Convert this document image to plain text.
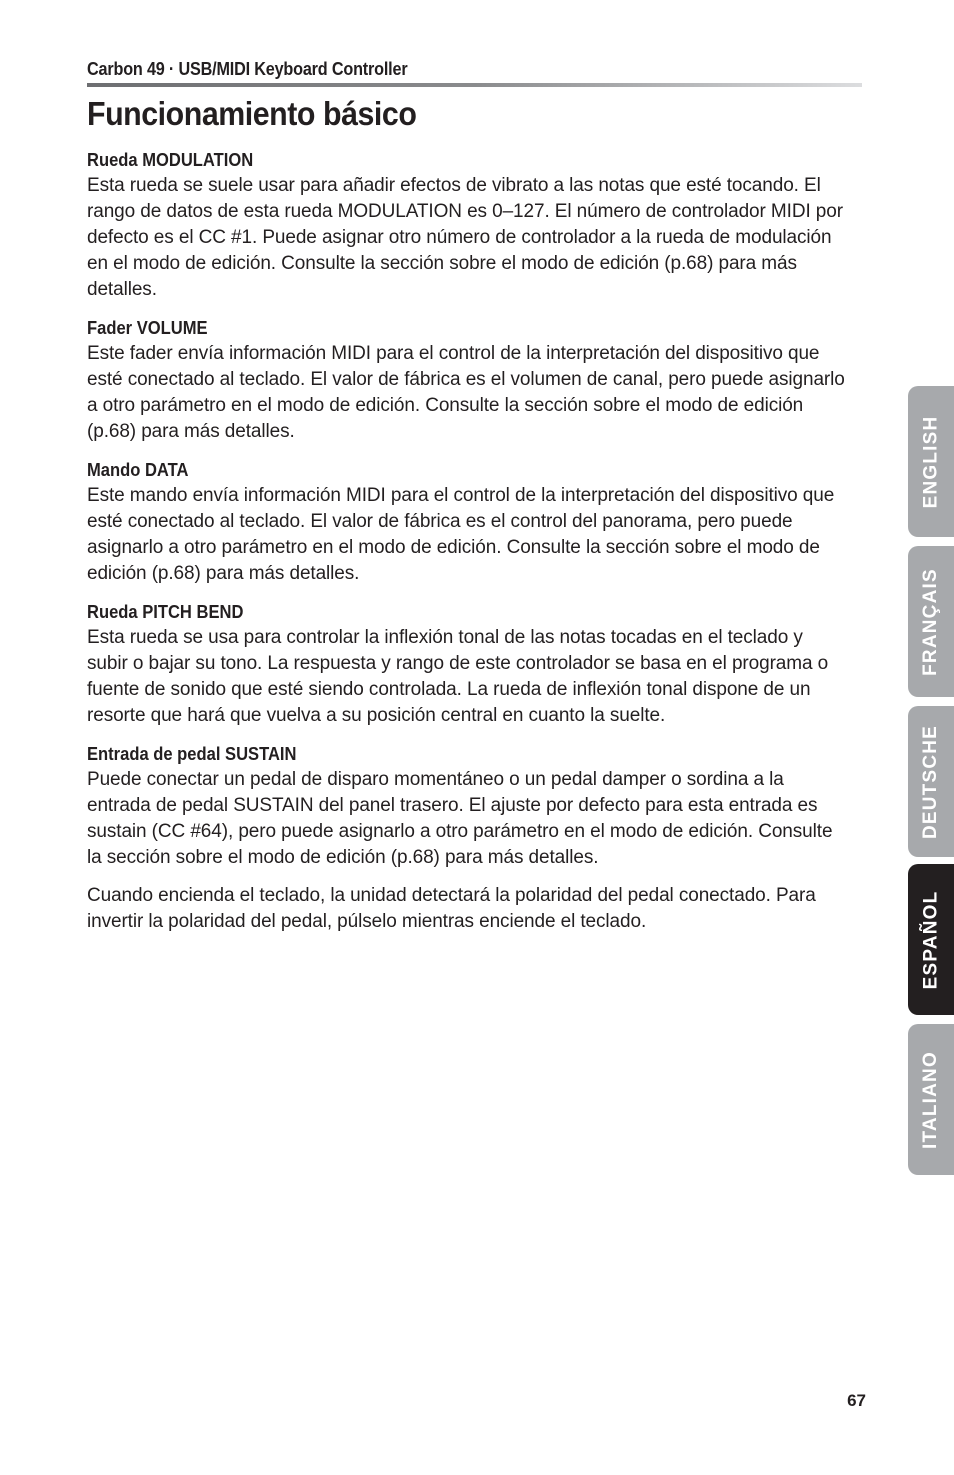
Carbon 49 · USB/MIDI Keyboard Controller
Funcionamiento básico
Rueda MODULATION

Esta rueda se suele usar para añadir efectos de vibrato a las notas que esté tocando. El rango de datos de esta rueda MODULATION es 0–127. El número de controlador MIDI por defecto es el CC #1. Puede asignar otro número de controlador a la rueda de modulación en el modo de edición. Consulte la sección sobre el modo de edición (p.68) para más detalles.

Fader VOLUME

Este fader envía información MIDI para el control de la interpretación del dispositivo que esté conectado al teclado. El valor de fábrica es el volumen de canal, pero puede asignarlo a otro parámetro en el modo de edición. Consulte la sección sobre el modo de edición (p.68) para más detalles.

Mando DATA

Este mando envía información MIDI para el control de la interpretación del dispositivo que esté conectado al teclado. El valor de fábrica es el control del panorama, pero puede asignarlo a otro parámetro en el modo de edición. Consulte la sección sobre el modo de edición (p.68) para más detalles.

Rueda PITCH BEND

Esta rueda se usa para controlar la inflexión tonal de las notas tocadas en el teclado y subir o bajar su tono. La respuesta y rango de este controlador se basa en el programa o fuente de sonido que esté siendo controlada. La rueda de inflexión tonal dispone de un resorte que hará que vuelva a su posición central en cuanto la suelte.

Entrada de pedal SUSTAIN

Puede conectar un pedal de disparo momentáneo o un pedal damper o sordina a la entrada de pedal SUSTAIN del panel trasero. El ajuste por defecto para esta entrada es sustain (CC #64), pero puede asignarlo a otro parámetro en el modo de edición. Consulte la sección sobre el modo de edición (p.68) para más detalles.

Cuando encienda el teclado, la unidad detectará la polaridad del pedal conectado. Para invertir la polaridad del pedal, púlselo mientras enciende el teclado.

ENGLISH
FRANÇAIS
DEUTSCHE
ESPAÑOL
ITALIANO
67
